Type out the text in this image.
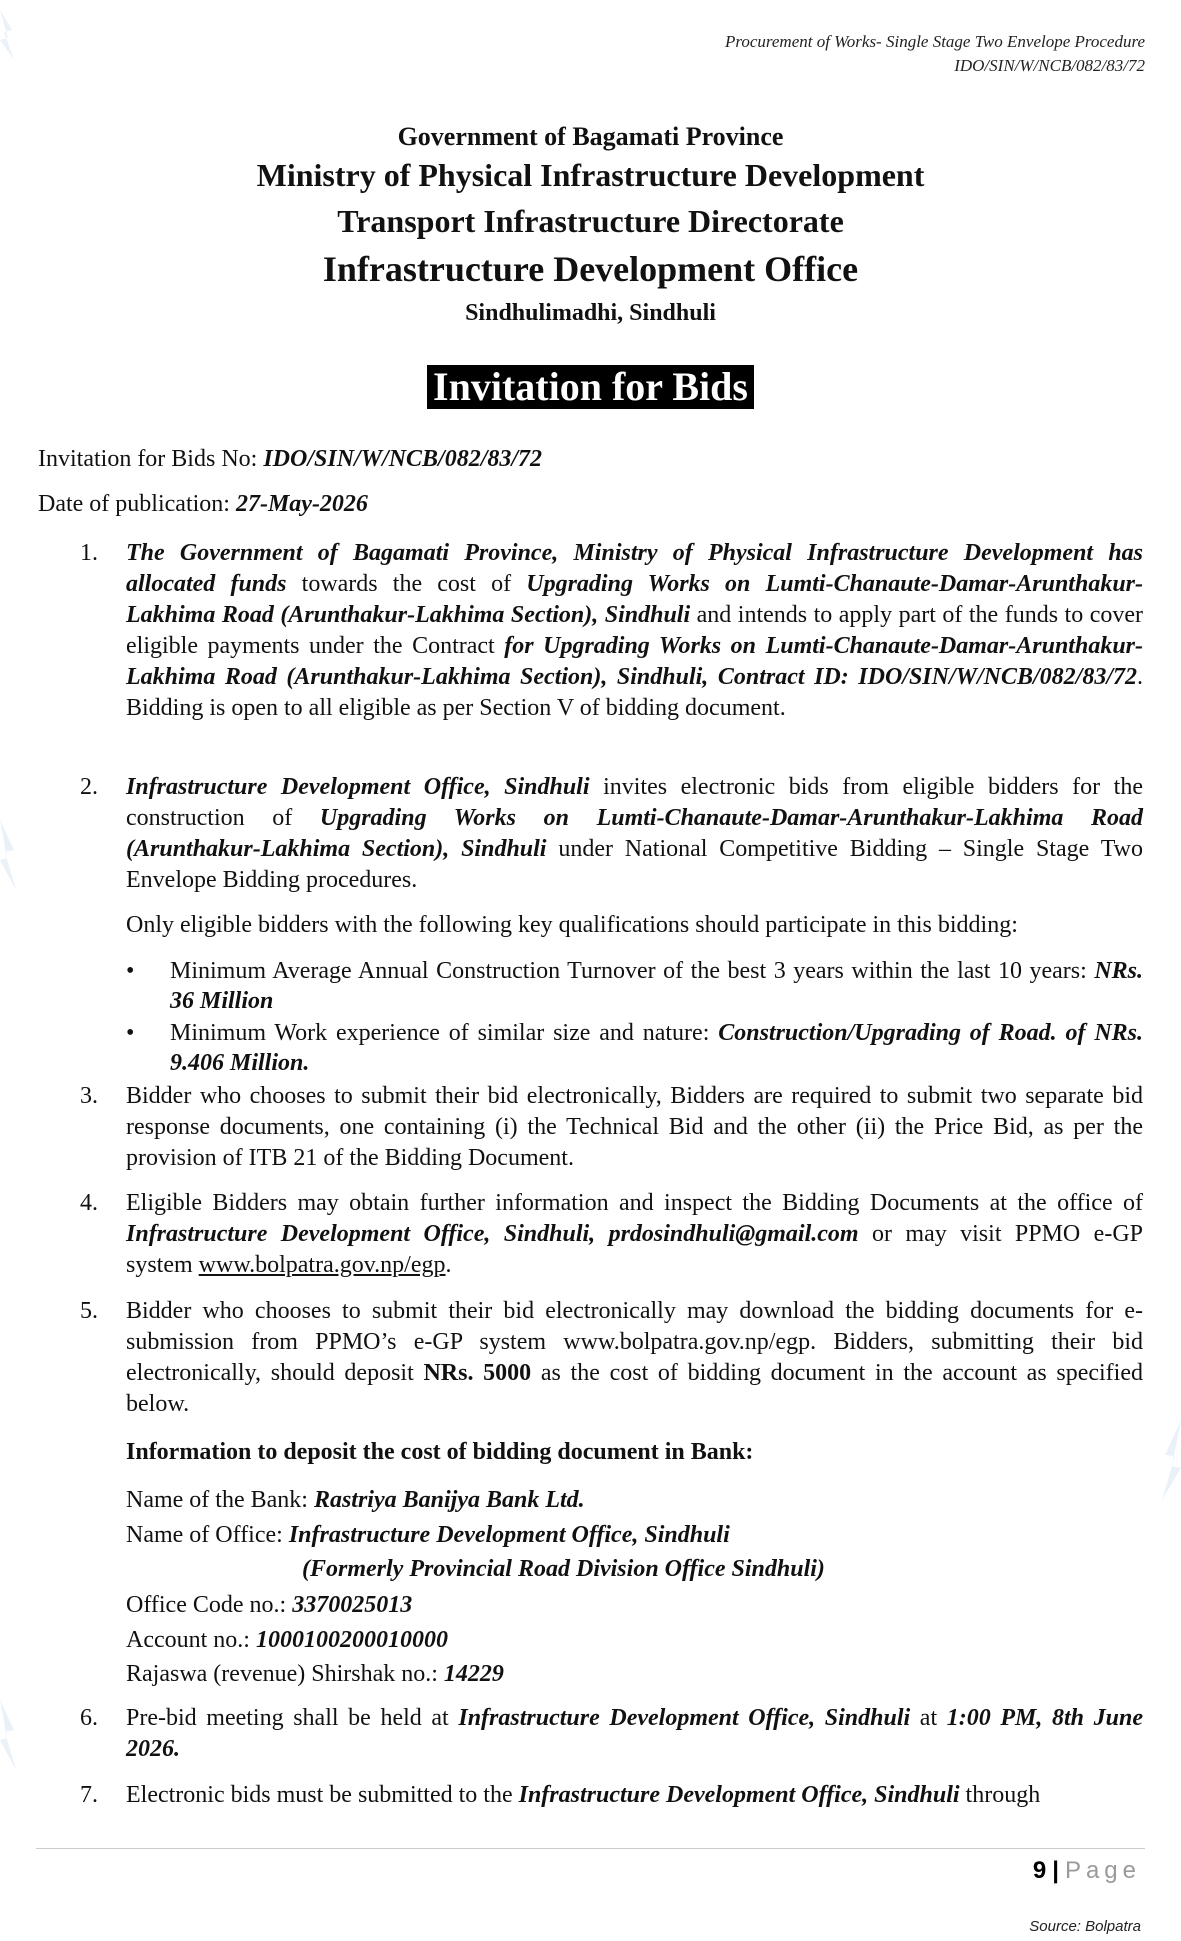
Procurement of Works- Single Stage Two Envelope Procedure
IDO/SIN/W/NCB/082/83/72
Government of Bagamati Province
Ministry of Physical Infrastructure Development
Transport Infrastructure Directorate
Infrastructure Development Office
Sindhulimadhi, Sindhuli
Invitation for Bids
Invitation for Bids No: IDO/SIN/W/NCB/082/83/72
Date of publication: 27-May-2026
1.	The Government of Bagamati Province, Ministry of Physical Infrastructure Development has allocated funds towards the cost of Upgrading Works on Lumti-Chanaute-Damar-Arunthakur-Lakhima Road (Arunthakur-Lakhima Section), Sindhuli and intends to apply part of the funds to cover eligible payments under the Contract for Upgrading Works on Lumti-Chanaute-Damar-Arunthakur-Lakhima Road (Arunthakur-Lakhima Section), Sindhuli, Contract ID: IDO/SIN/W/NCB/082/83/72. Bidding is open to all eligible as per Section V of bidding document.
2.	Infrastructure Development Office, Sindhuli invites electronic bids from eligible bidders for the construction of Upgrading Works on Lumti-Chanaute-Damar-Arunthakur-Lakhima Road (Arunthakur-Lakhima Section), Sindhuli under National Competitive Bidding – Single Stage Two Envelope Bidding procedures.
Only eligible bidders with the following key qualifications should participate in this bidding:
• Minimum Average Annual Construction Turnover of the best 3 years within the last 10 years: NRs. 36 Million
• Minimum Work experience of similar size and nature: Construction/Upgrading of Road. of NRs. 9.406 Million.
3.	Bidder who chooses to submit their bid electronically, Bidders are required to submit two separate bid response documents, one containing (i) the Technical Bid and the other (ii) the Price Bid, as per the provision of ITB 21 of the Bidding Document.
4.	Eligible Bidders may obtain further information and inspect the Bidding Documents at the office of Infrastructure Development Office, Sindhuli, prdosindhuli@gmail.com or may visit PPMO e-GP system www.bolpatra.gov.np/egp.
5.	Bidder who chooses to submit their bid electronically may download the bidding documents for e-submission from PPMO’s e-GP system www.bolpatra.gov.np/egp. Bidders, submitting their bid electronically, should deposit NRs. 5000 as the cost of bidding document in the account as specified below.
Information to deposit the cost of bidding document in Bank:
Name of the Bank: Rastriya Banijya Bank Ltd.
Name of Office: Infrastructure Development Office, Sindhuli
(Formerly Provincial Road Division Office Sindhuli)
Office Code no.: 3370025013
Account no.: 1000100200010000
Rajaswa (revenue) Shirshak no.: 14229
6.	Pre-bid meeting shall be held at Infrastructure Development Office, Sindhuli at 1:00 PM, 8th June 2026.
7.	Electronic bids must be submitted to the Infrastructure Development Office, Sindhuli through
9 | Page
Source: Bolpatra
